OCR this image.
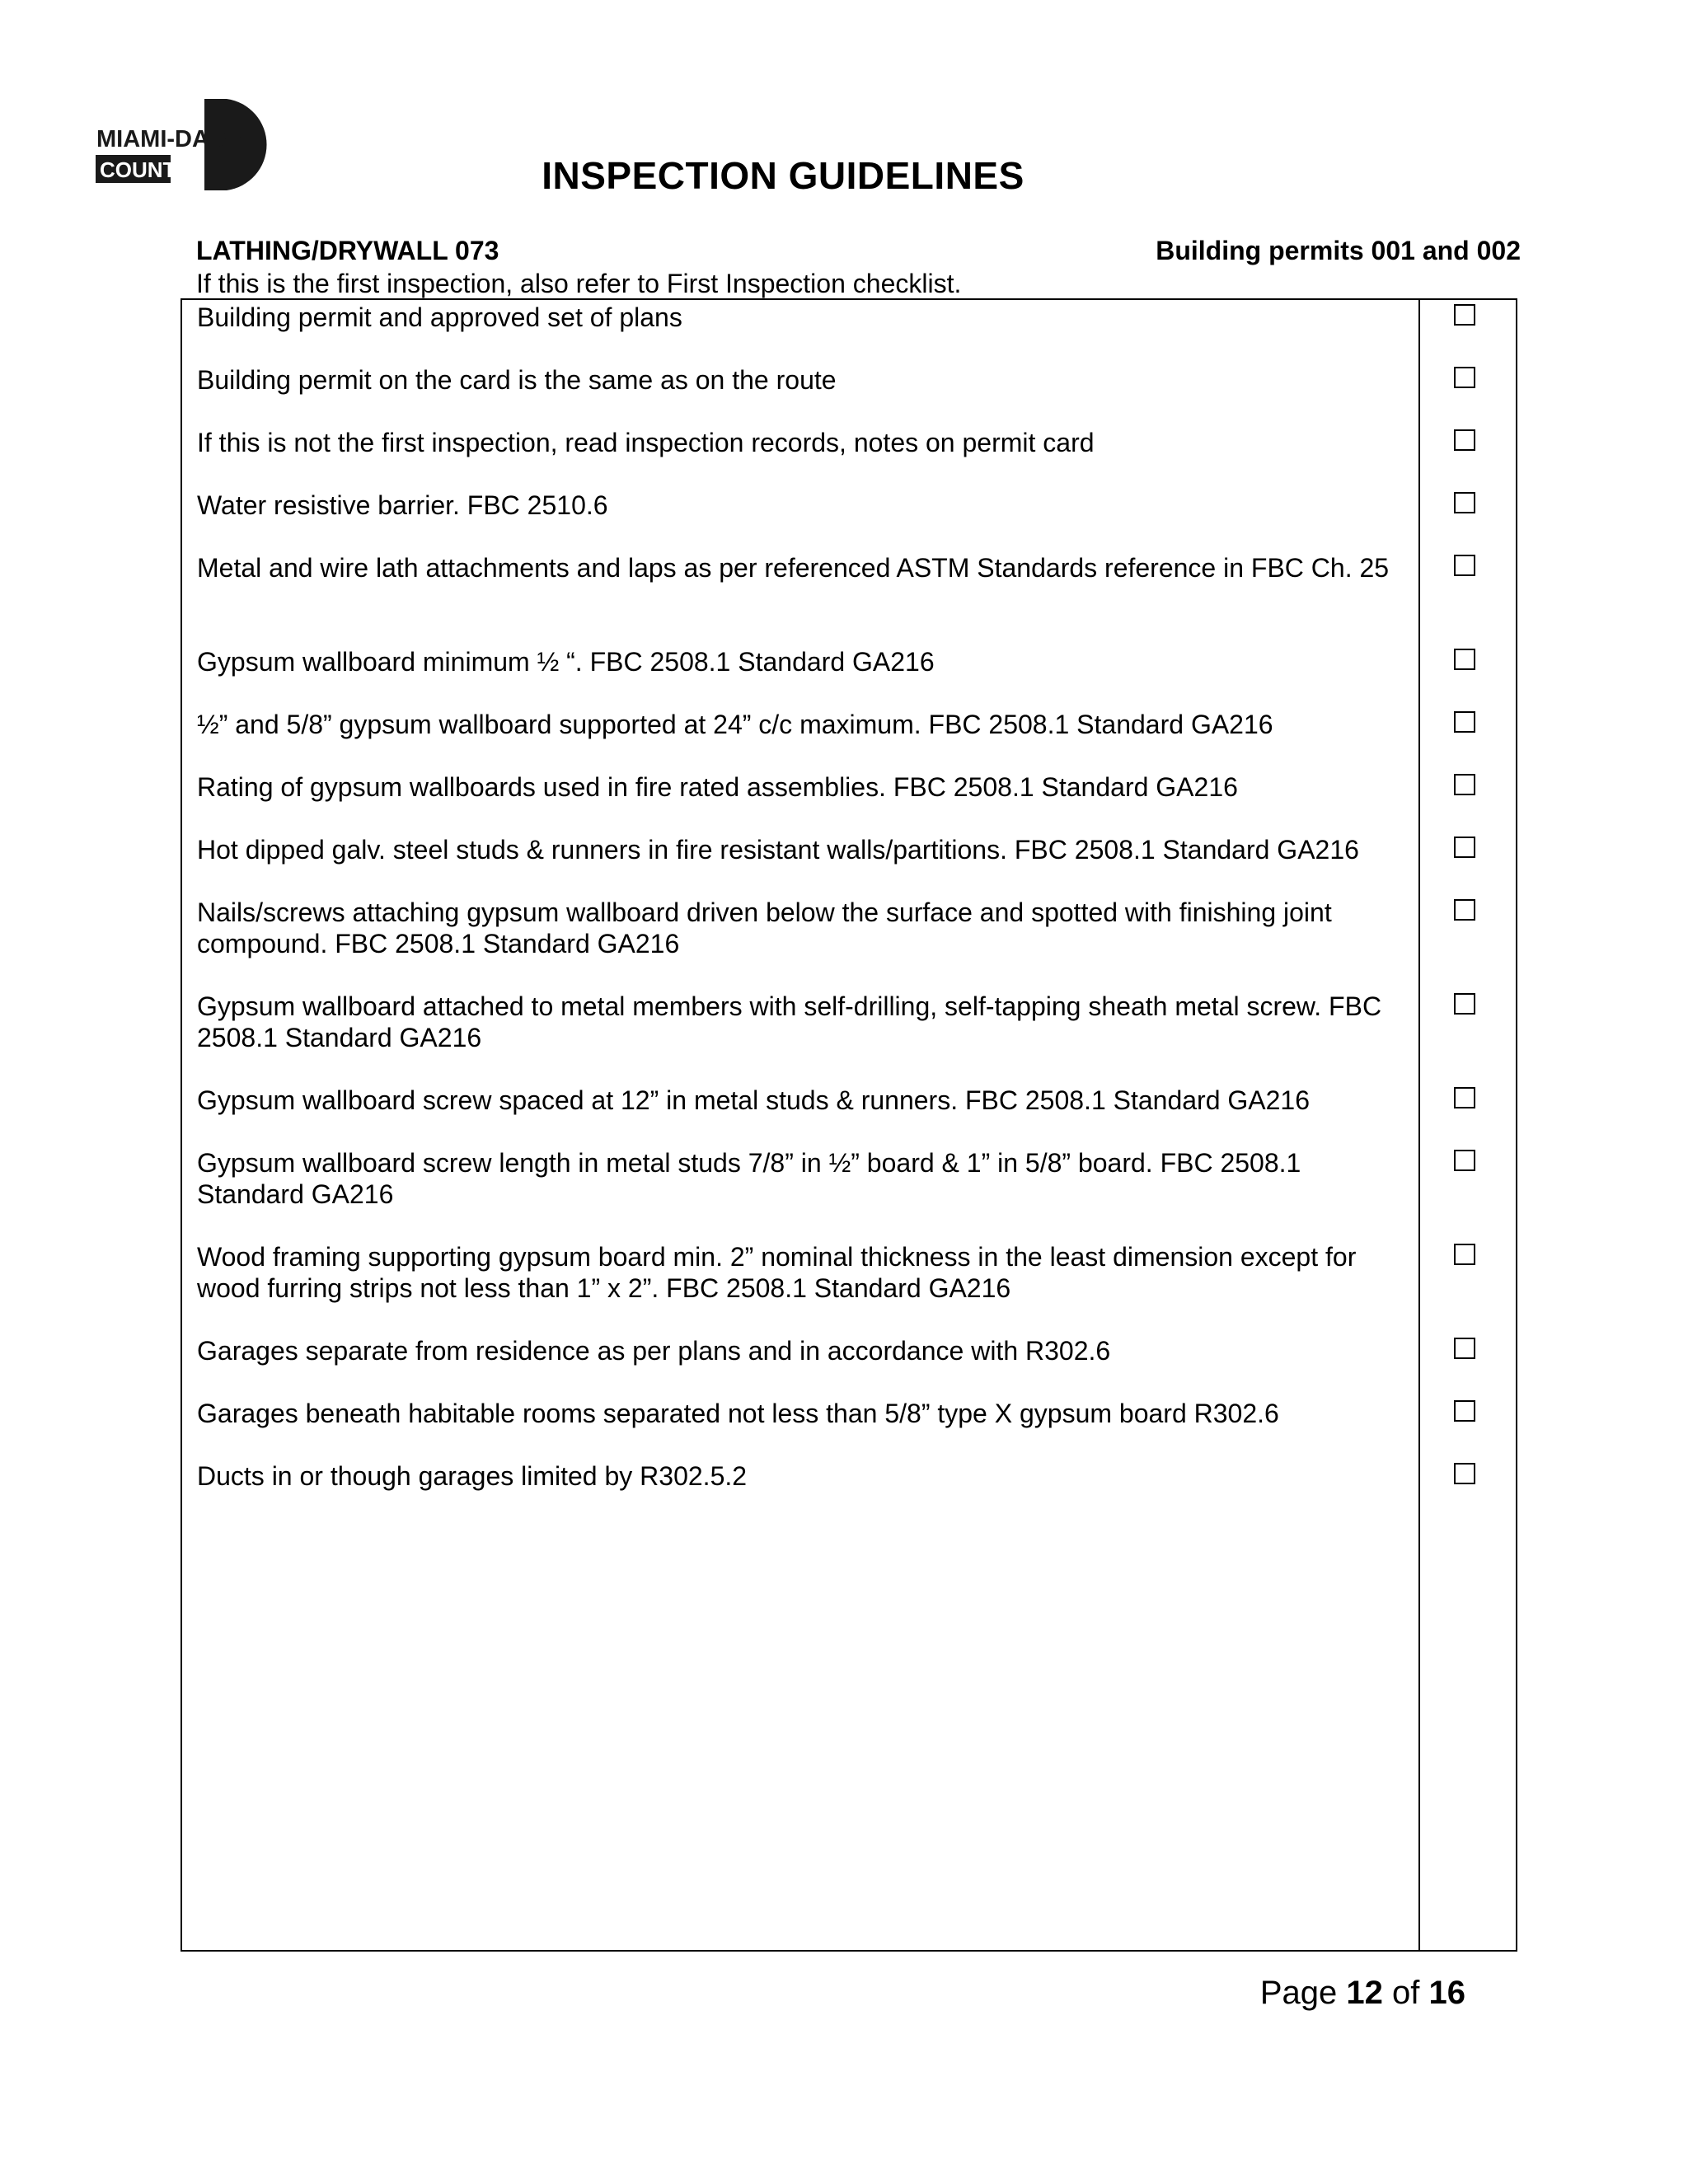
MIAMI-DADE
COUNTY	INSPECTION GUIDELINES
LATHING/DRYWALL 073	Building permits 001 and 002
If this is the first inspection, also refer to First Inspection checklist.
Building permit and approved set of plans
Building permit on the card is the same as on the route
If this is not the first inspection, read inspection records, notes on permit card
Water resistive barrier. FBC 2510.6
Metal and wire lath attachments and laps as per referenced ASTM Standards reference in FBC Ch. 25
Gypsum wallboard minimum ½ “. FBC 2508.1 Standard GA216
½” and 5/8” gypsum wallboard supported at 24” c/c maximum. FBC 2508.1 Standard GA216
Rating of gypsum wallboards used in fire rated assemblies. FBC 2508.1 Standard GA216
Hot dipped galv. steel studs & runners in fire resistant walls/partitions. FBC 2508.1 Standard GA216
Nails/screws attaching gypsum wallboard driven below the surface and spotted with finishing joint compound. FBC 2508.1 Standard GA216
Gypsum wallboard attached to metal members with self-drilling, self-tapping sheath metal screw. FBC 2508.1 Standard GA216
Gypsum wallboard screw spaced at 12” in metal studs & runners. FBC 2508.1 Standard GA216
Gypsum wallboard screw length in metal studs 7/8” in ½” board & 1” in 5/8” board. FBC 2508.1 Standard GA216
Wood framing supporting gypsum board min. 2” nominal thickness in the least dimension except for wood furring strips not less than 1” x 2”. FBC 2508.1 Standard GA216
Garages separate from residence as per plans and in accordance with R302.6
Garages beneath habitable rooms separated not less than 5/8” type X gypsum board R302.6
Ducts in or though garages limited by R302.5.2
Page 12 of 16
